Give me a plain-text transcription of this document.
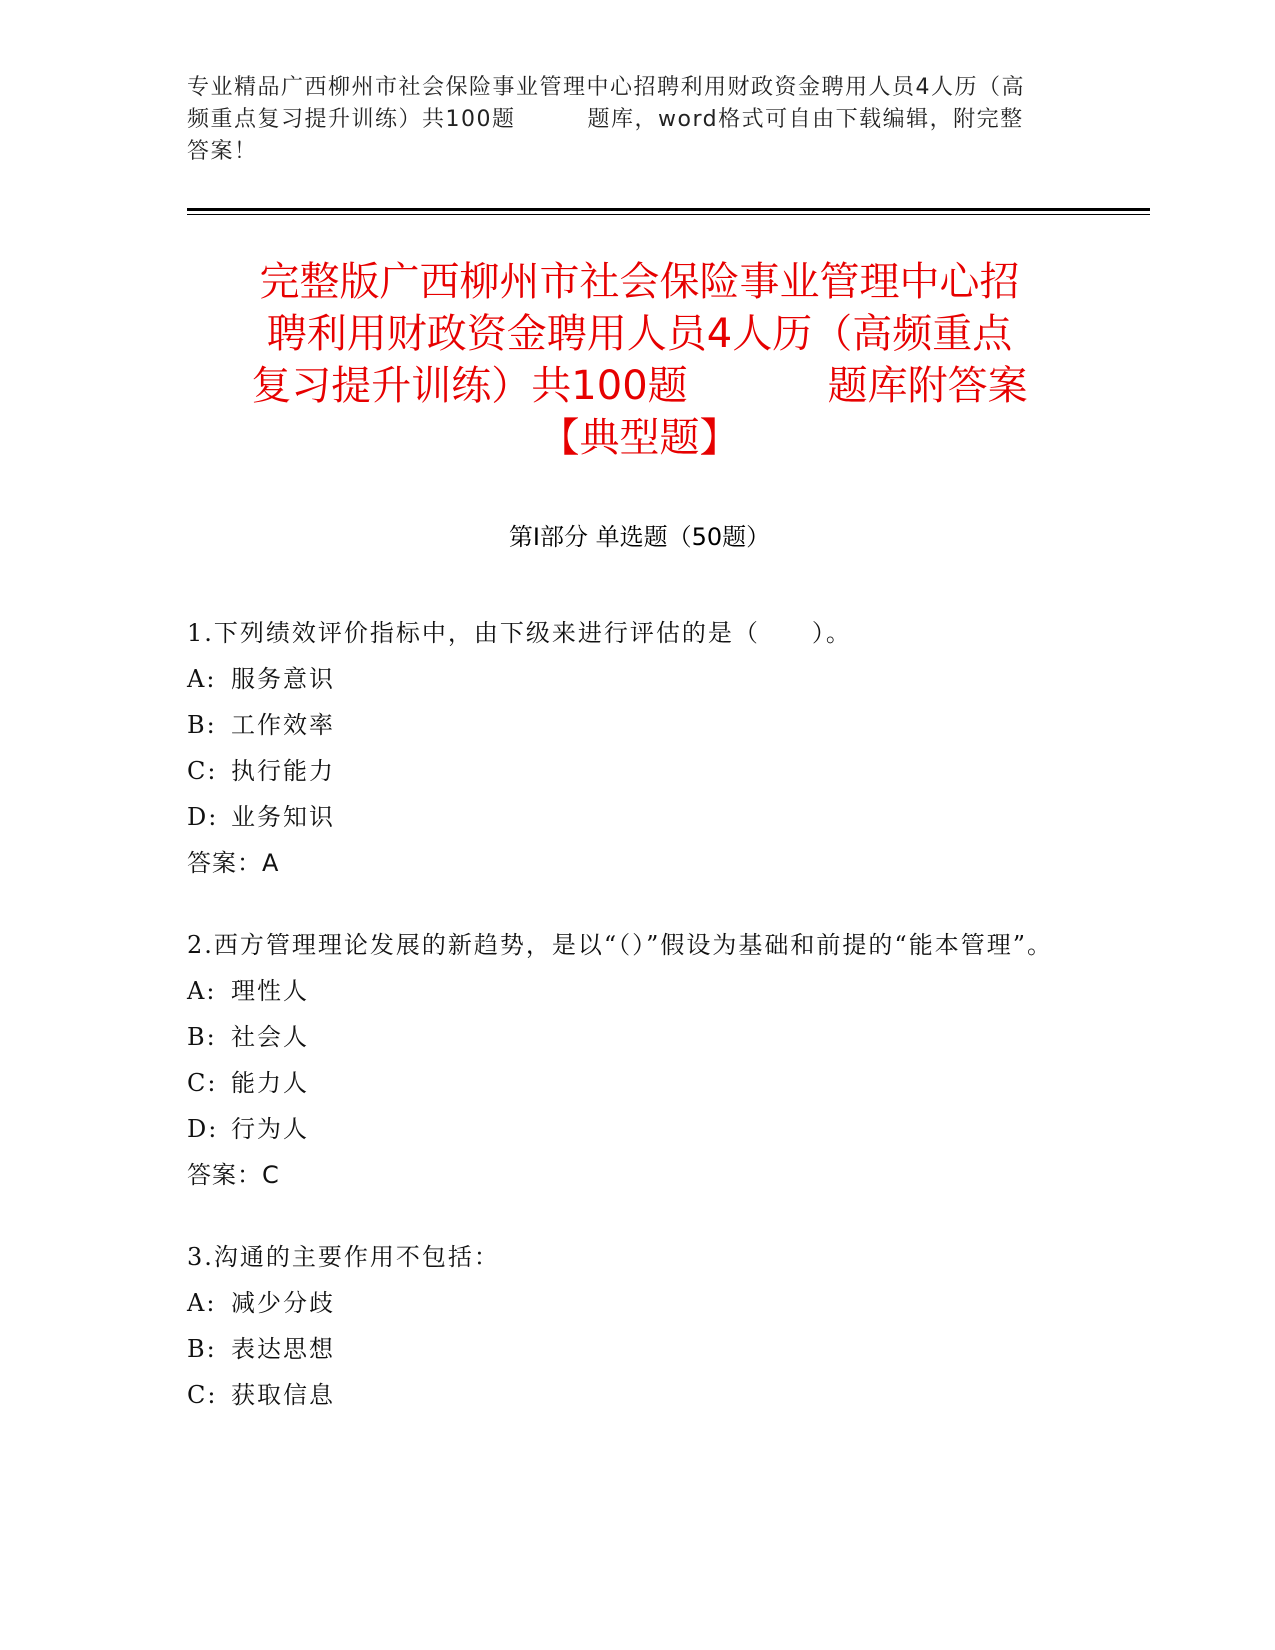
专业精品广西柳州市社会保险事业管理中心招聘利用财政资金聘用人员4人历（高
频重点复习提升训练）共100题	题库，word格式可自由下载编辑，附完整
答案！
完整版广西柳州市社会保险事业管理中心招
聘利用财政资金聘用人员4人历（高频重点
复习提升训练）共100题	题库附答案
【典型题】
第Ⅰ部分 单选题（50题）
1.下列绩效评价指标中，由下级来进行评估的是（　　）。
A: 服务意识
B: 工作效率
C: 执行能力
D: 业务知识
答案：A
2.西方管理理论发展的新趋势，是以“（）”假设为基础和前提的“能本管理”。
A: 理性人
B: 社会人
C: 能力人
D: 行为人
答案：C
3.沟通的主要作用不包括：
A: 减少分歧
B: 表达思想
C: 获取信息
